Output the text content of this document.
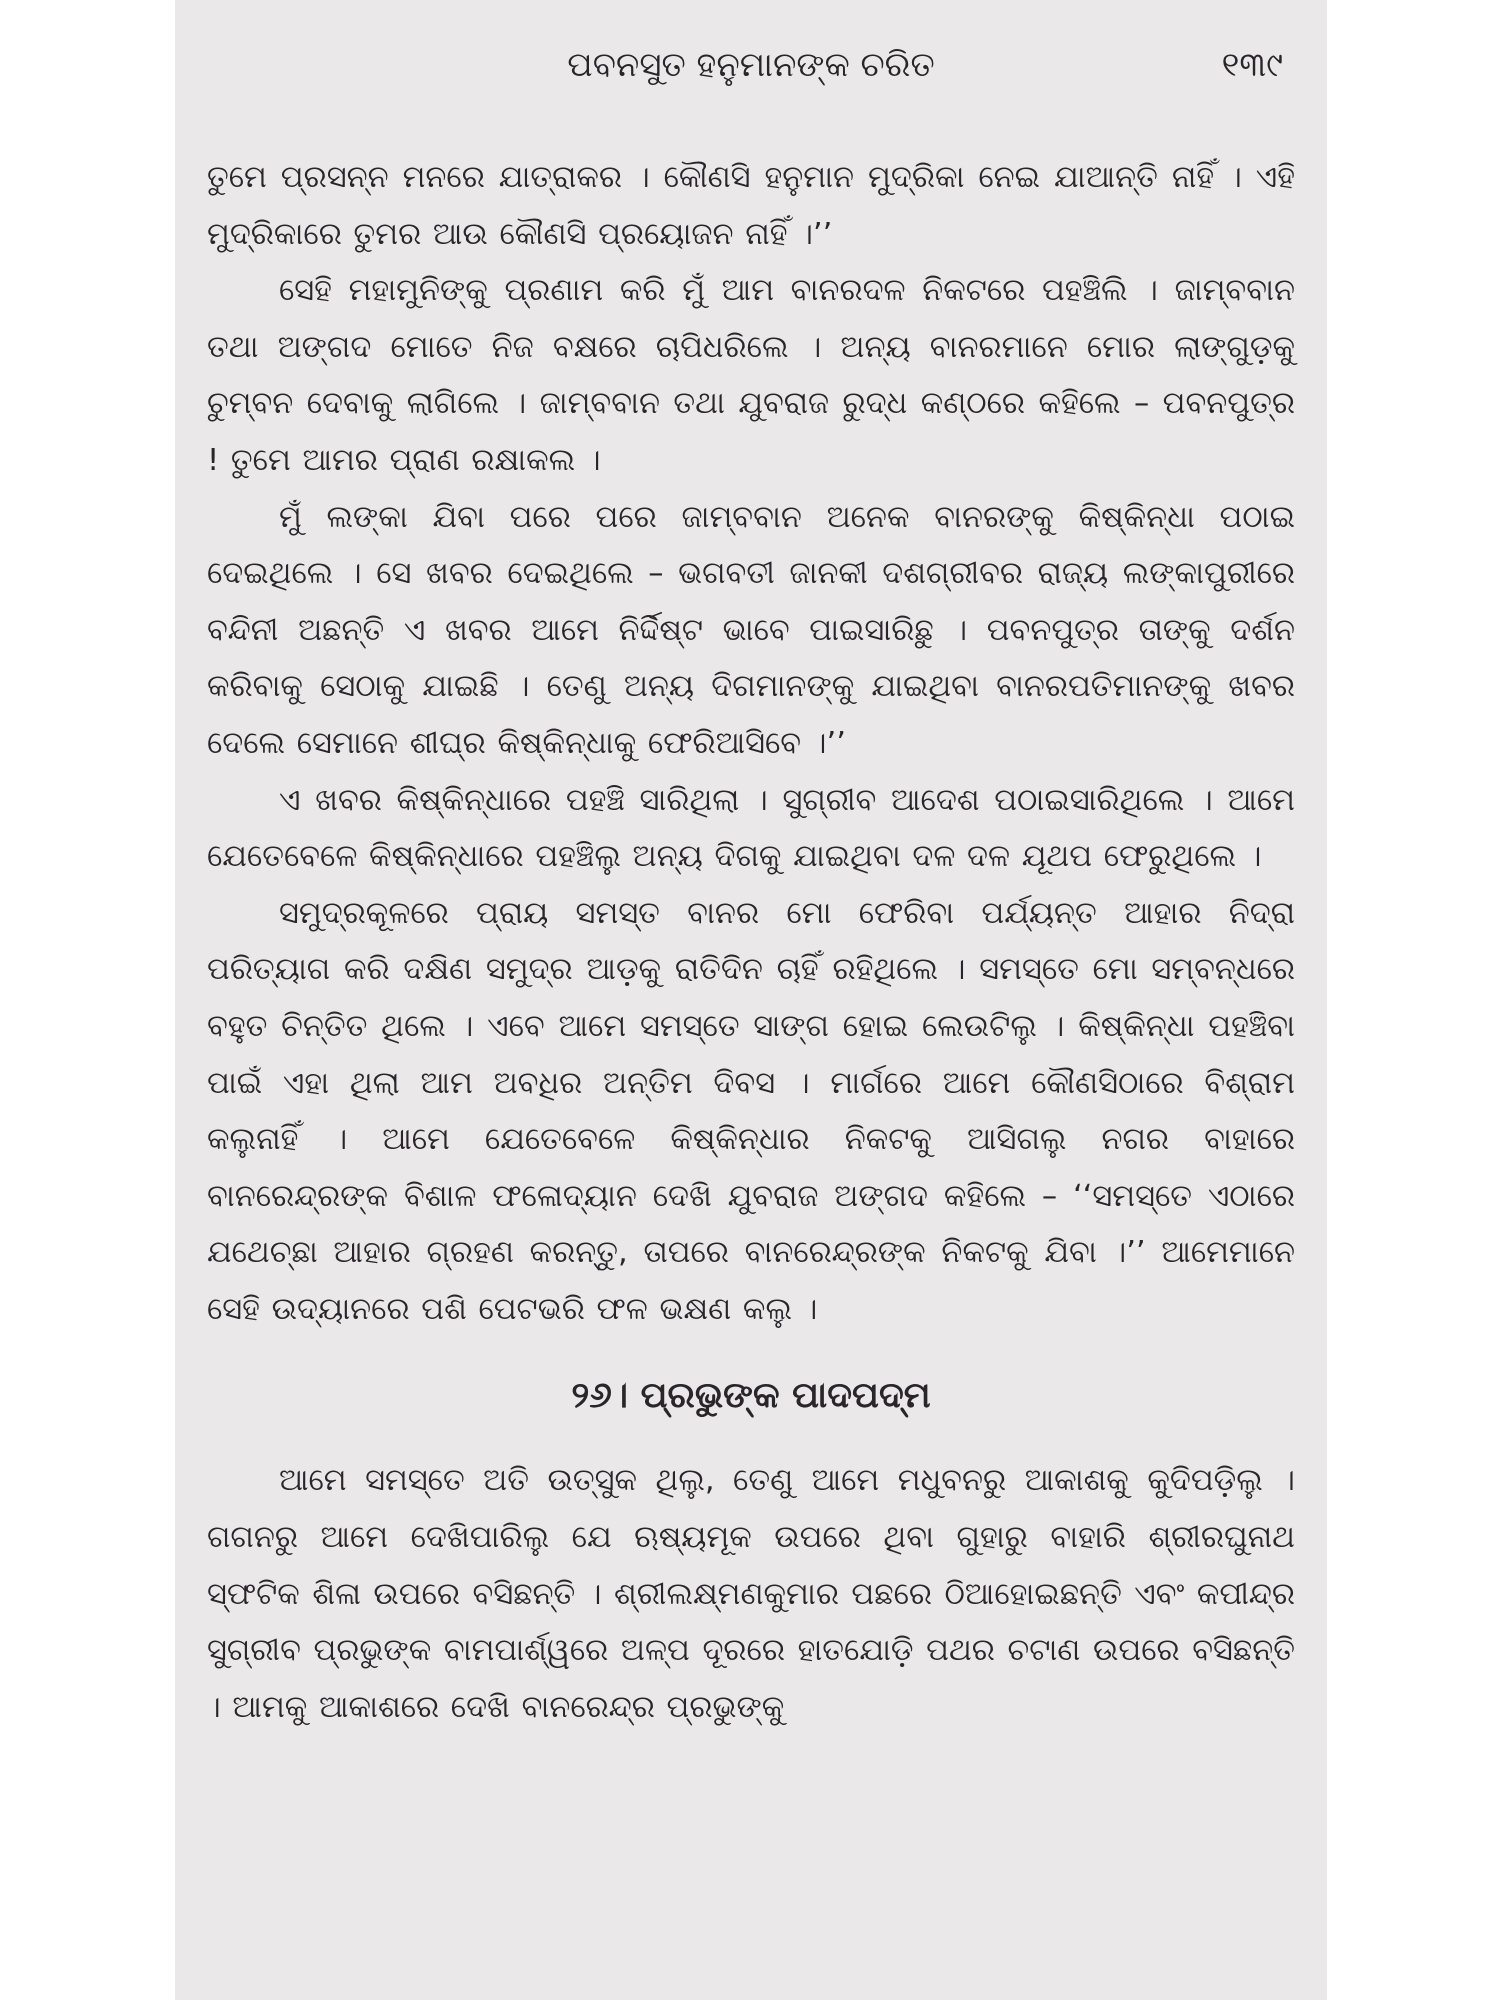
ପବନସୁତ ହନୁମାନଙ୍କ ଚରିତ	୧୩୯

ତୁମେ ପ୍ରସନ୍ନ ମନରେ ଯାତ୍ରାକର । କୌଣସି ହନୁମାନ ମୁଦ୍ରିକା ନେଇ ଯାଆନ୍ତି ନାହିଁ । ଏହି ମୁଦ୍ରିକାରେ ତୁମର ଆଉ କୌଣସି ପ୍ରୟୋଜନ ନାହିଁ ।’’

ସେହି ମହାମୁନିଙ୍କୁ ପ୍ରଣାମ କରି ମୁଁ ଆମ ବାନରଦଳ ନିକଟରେ ପହଞ୍ଚିଲି । ଜାମ୍ବବାନ ତଥା ଅଙ୍ଗଦ ମୋତେ ନିଜ ବକ୍ଷରେ ଚାପିଧରିଲେ । ଅନ୍ୟ ବାନରମାନେ ମୋର ଲାଙ୍ଗୁଡ଼କୁ ଚୁମ୍ବନ ଦେବାକୁ ଲାଗିଲେ । ଜାମ୍ବବାନ ତଥା ଯୁବରାଜ ରୁଦ୍ଧ କଣ୍ଠରେ କହିଲେ – ପବନପୁତ୍ର ! ତୁମେ ଆମର ପ୍ରାଣ ରକ୍ଷାକଲ ।

ମୁଁ ଲଙ୍କା ଯିବା ପରେ ପରେ ଜାମ୍ବବାନ ଅନେକ ବାନରଙ୍କୁ କିଷ୍କିନ୍ଧା ପଠାଇ ଦେଇଥିଲେ । ସେ ଖବର ଦେଇଥିଲେ – ଭଗବତୀ ଜାନକୀ ଦଶଗ୍ରୀବର ରାଜ୍ୟ ଲଙ୍କାପୁରୀରେ ବନ୍ଦିନୀ ଅଛନ୍ତି ଏ ଖବର ଆମେ ନିର୍ଦ୍ଦିଷ୍ଟ ଭାବେ ପାଇସାରିଛୁ । ପବନପୁତ୍ର ତାଙ୍କୁ ଦର୍ଶନ କରିବାକୁ ସେଠାକୁ ଯାଇଛି । ତେଣୁ ଅନ୍ୟ ଦିଗମାନଙ୍କୁ ଯାଇଥିବା ବାନରପତିମାନଙ୍କୁ ଖବର ଦେଲେ ସେମାନେ ଶୀଘ୍ର କିଷ୍କିନ୍ଧାକୁ ଫେରିଆସିବେ ।’’

ଏ ଖବର କିଷ୍କିନ୍ଧାରେ ପହଞ୍ଚି ସାରିଥିଲା । ସୁଗ୍ରୀବ ଆଦେଶ ପଠାଇସାରିଥିଲେ । ଆମେ ଯେତେବେଳେ କିଷ୍କିନ୍ଧାରେ ପହଞ୍ଚିଲୁ ଅନ୍ୟ ଦିଗକୁ ଯାଇଥିବା ଦଳ ଦଳ ଯୂଥପ ଫେରୁଥିଲେ ।

ସମୁଦ୍ରକୂଳରେ ପ୍ରାୟ ସମସ୍ତ ବାନର ମୋ ଫେରିବା ପର୍ଯ୍ୟନ୍ତ ଆହାର ନିଦ୍ରା ପରିତ୍ୟାଗ କରି ଦକ୍ଷିଣ ସମୁଦ୍ର ଆଡ଼କୁ ରାତିଦିନ ଚାହିଁ ରହିଥିଲେ । ସମସ୍ତେ ମୋ ସମ୍ବନ୍ଧରେ ବହୁତ ଚିନ୍ତିତ ଥିଲେ । ଏବେ ଆମେ ସମସ୍ତେ ସାଙ୍ଗ ହୋଇ ଲେଉଟିଲୁ । କିଷ୍କିନ୍ଧା ପହଞ୍ଚିବା ପାଇଁ ଏହା ଥିଲା ଆମ ଅବଧିର ଅନ୍ତିମ ଦିବସ । ମାର୍ଗରେ ଆମେ କୌଣସିଠାରେ ବିଶ୍ରାମ କଲୁନାହିଁ । ଆମେ ଯେତେବେଳେ କିଷ୍କିନ୍ଧାର ନିକଟକୁ ଆସିଗଲୁ ନଗର ବାହାରେ ବାନରେନ୍ଦ୍ରଙ୍କ ବିଶାଳ ଫଳୋଦ୍ୟାନ ଦେଖି ଯୁବରାଜ ଅଙ୍ଗଦ କହିଲେ – ‘‘ସମସ୍ତେ ଏଠାରେ ଯଥେଚ୍ଛା ଆହାର ଗ୍ରହଣ କରନ୍ତୁ, ତାପରେ ବାନରେନ୍ଦ୍ରଙ୍କ ନିକଟକୁ ଯିବା ।’’ ଆମେମାନେ ସେହି ଉଦ୍ୟାନରେ ପଶି ପେଟଭରି ଫଳ ଭକ୍ଷଣ କଲୁ ।

୨୬। ପ୍ରଭୁଙ୍କ ପାଦପଦ୍ମ

ଆମେ ସମସ୍ତେ ଅତି ଉତ୍ସୁକ ଥିଲୁ, ତେଣୁ ଆମେ ମଧୁବନରୁ ଆକାଶକୁ କୁଦିପଡ଼ିଲୁ । ଗଗନରୁ ଆମେ ଦେଖିପାରିଲୁ ଯେ ଋଷ୍ୟମୂକ ଉପରେ ଥିବା ଗୁହାରୁ ବାହାରି ଶ୍ରୀରଘୁନାଥ ସ୍ଫଟିକ ଶିଳା ଉପରେ ବସିଛନ୍ତି । ଶ୍ରୀଲକ୍ଷ୍ମଣକୁମାର ପଛରେ ଠିଆହୋଇଛନ୍ତି ଏବଂ କପୀନ୍ଦ୍ର ସୁଗ୍ରୀବ ପ୍ରଭୁଙ୍କ ବାମପାର୍ଶ୍ୱରେ ଅଳ୍ପ ଦୂରରେ ହାତଯୋଡ଼ି ପଥର ଚଟାଣ ଉପରେ ବସିଛନ୍ତି । ଆମକୁ ଆକାଶରେ ଦେଖି ବାନରେନ୍ଦ୍ର ପ୍ରଭୁଙ୍କୁ
